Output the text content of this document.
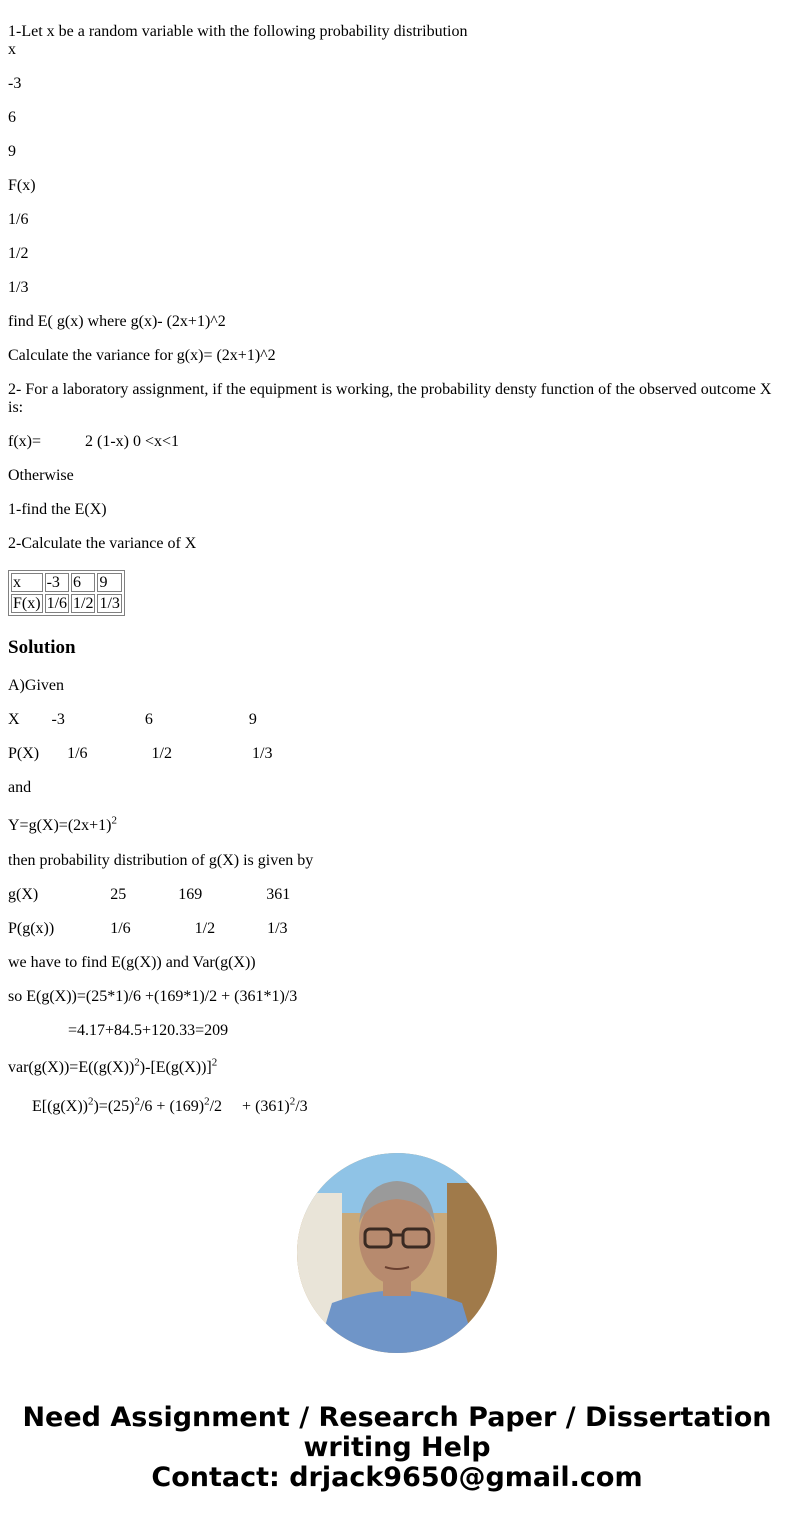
1-Let x be a random variable with the following probability distribution

x

-3

6

9

F(x)

1/6

1/2

1/3

find E( g(x) where g(x)- (2x+1)^2

Calculate the variance for g(x)= (2x+1)^2

2- For a laboratory assignment, if the equipment is working, the probability densty function of the observed outcome X is:

f(x)=           2 (1-x) 0 <x<1

Otherwise

1-find the E(X)

2-Calculate the variance of X

x	-3	6	9
F(x)	1/6	1/2	1/3
Solution

A)Given

X        -3                    6                        9

P(X)       1/6                1/2                    1/3

and

$Y=g(X)=(2x+1)^2$

then probability distribution of g(X) is given by

g(X)                  25             169                361

P(g(x))              1/6                1/2             1/3

we have to find E(g(X)) and Var(g(X))

so E(g(X))=(25*1)/6 +(169*1)/2 + (361*1)/3

=4.17+84.5+120.33=209

$var(g(X))=E((g(X))^2)-[E(g(X))]^2$

$E[(g(X))^2)=(25)^2/6 + (169)^2/2$     + $(361)^2/3$

Need Assignment / Research Paper / Dissertation
writing Help
Contact: drjack9650@gmail.com
